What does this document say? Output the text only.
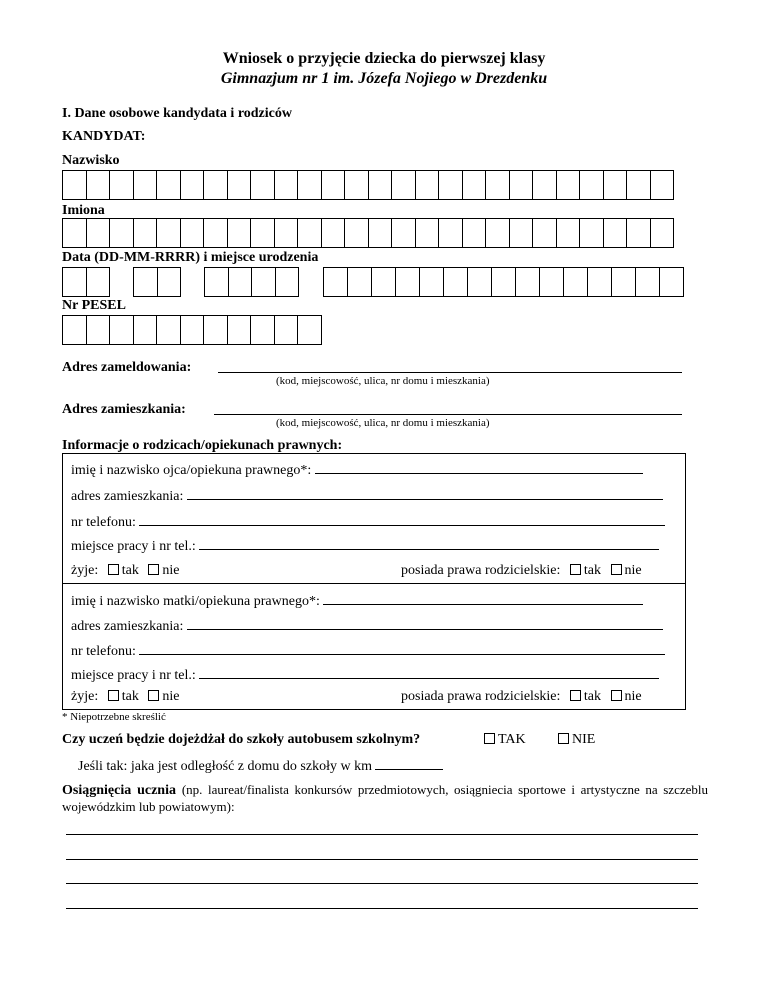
Wniosek o przyjęcie dziecka do pierwszej klasy
Gimnazjum nr 1 im. Józefa Nojiego w Drezdenku
I. Dane osobowe kandydata i rodziców
KANDYDAT:
Nazwisko
Imiona
Data (DD-MM-RRRR) i miejsce urodzenia
Nr PESEL
Adres zameldowania:
(kod, miejscowość, ulica, nr domu i mieszkania)
Adres zamieszkania:
(kod, miejscowość, ulica, nr domu i mieszkania)
Informacje o rodzicach/opiekunach prawnych:
imię i nazwisko ojca/opiekuna prawnego*:
adres zamieszkania:
nr telefonu:
miejsce pracy i nr tel.:
żyje: tak nie	posiada prawa rodzicielskie: tak nie
imię i nazwisko matki/opiekuna prawnego*:
adres zamieszkania:
nr telefonu:
miejsce pracy i nr tel.:
żyje: tak nie	posiada prawa rodzicielskie: tak nie
* Niepotrzebne skreślić
Czy uczeń będzie dojeżdżał do szkoły autobusem szkolnym?	TAK	NIE
Jeśli tak: jaka jest odległość z domu do szkoły w km
Osiągnięcia ucznia (np. laureat/finalista konkursów przedmiotowych, osiągniecia sportowe i artystyczne na szczeblu wojewódzkim lub powiatowym):
